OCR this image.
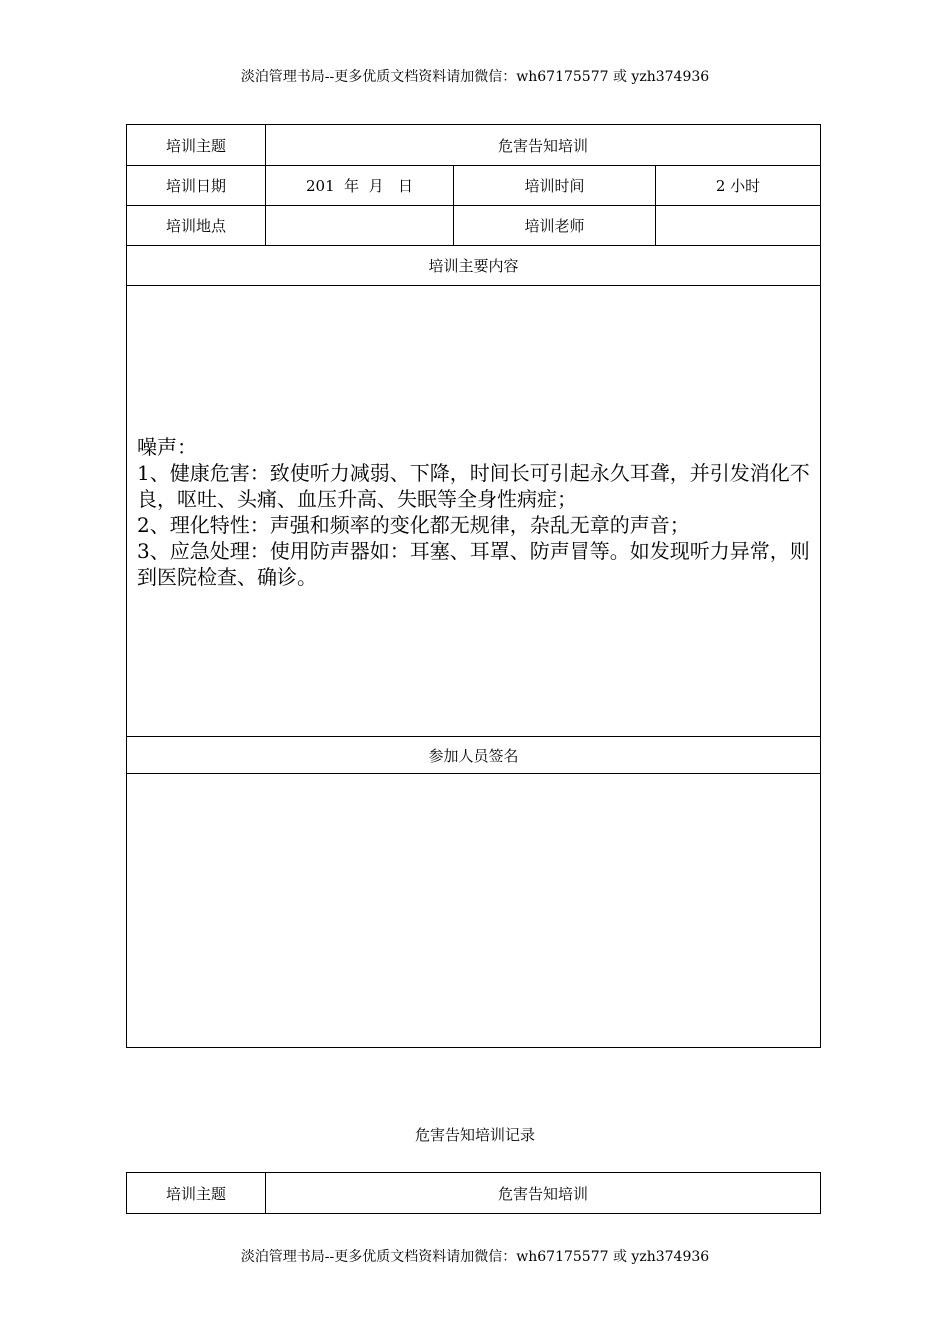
淡泊管理书局--更多优质文档资料请加微信：wh67175577 或 yzh374936
培训主题	危害告知培训		
培训日期	201  年  月   日	培训时间	2 小时
培训地点		培训老师	
培训主要内容			

噪声：
1、健康危害：致使听力减弱、下降，时间长可引起永久耳聋，并引发消化不良，呕吐、头痛、血压升高、失眠等全身性病症；
2、理化特性：声强和频率的变化都无规律，杂乱无章的声音；
3、应急处理：使用防声器如：耳塞、耳罩、防声冒等。如发现听力异常，则到医院检查、确诊。			

参加人员签名			

危害告知培训记录
培训主题	危害告知培训
淡泊管理书局--更多优质文档资料请加微信：wh67175577 或 yzh374936
